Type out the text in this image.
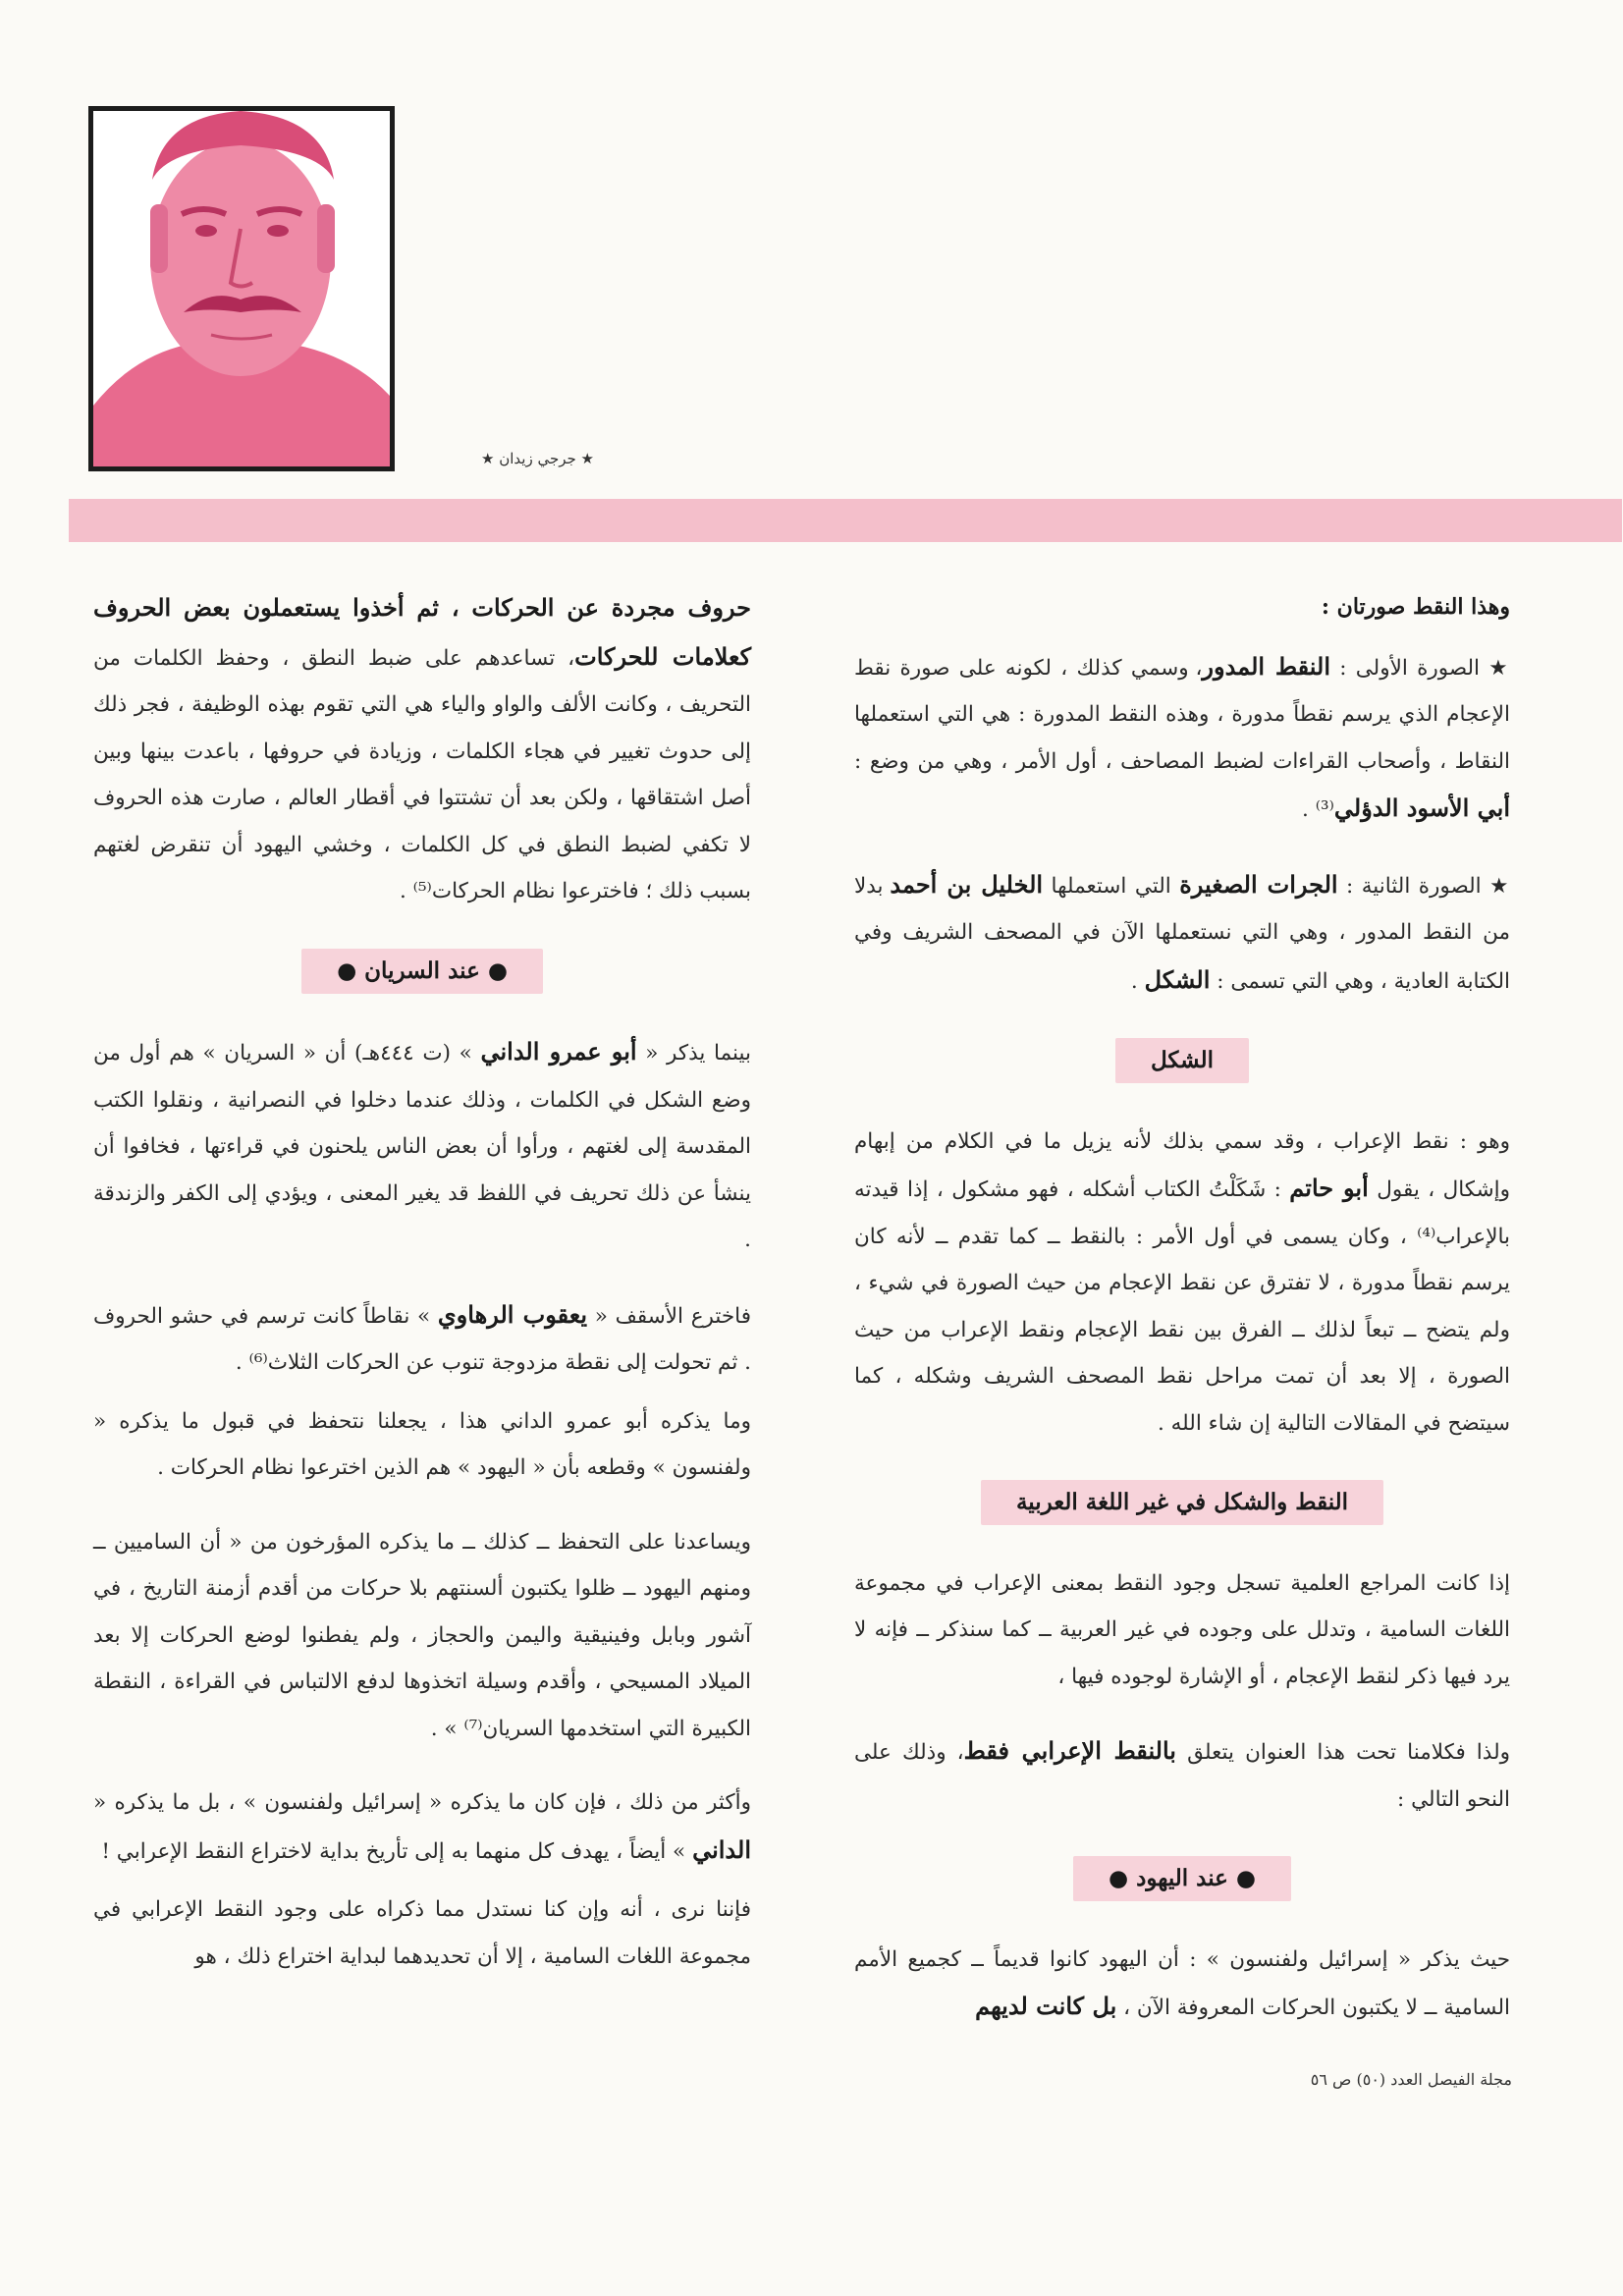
★ جرجي زيدان ★

وهذا النقط صورتان :

★ الصورة الأولى : النقط المدور، وسمي كذلك ، لكونه على صورة نقط الإعجام الذي يرسم نقطاً مدورة ، وهذه النقط المدورة : هي التي استعملها النقاط ، وأصحاب القراءات لضبط المصاحف ، أول الأمر ، وهي من وضع : أبي الأسود الدؤلي⁽³⁾ .

★ الصورة الثانية : الجرات الصغيرة التي استعملها الخليل بن أحمد بدلا من النقط المدور ، وهي التي نستعملها الآن في المصحف الشريف وفي الكتابة العادية ، وهي التي تسمى : الشكل .

الشكل

وهو : نقط الإعراب ، وقد سمي بذلك لأنه يزيل ما في الكلام من إبهام وإشكال ، يقول أبو حاتم : شَكَلْتُ الكتاب أشكله ، فهو مشكول ، إذا قيدته بالإعراب⁽⁴⁾ ، وكان يسمى في أول الأمر : بالنقط ــ كما تقدم ــ لأنه كان يرسم نقطاً مدورة ، لا تفترق عن نقط الإعجام من حيث الصورة في شيء ، ولم يتضح ــ تبعاً لذلك ــ الفرق بين نقط الإعجام ونقط الإعراب من حيث الصورة ، إلا بعد أن تمت مراحل نقط المصحف الشريف وشكله ، كما سيتضح في المقالات التالية إن شاء الله .

النقط والشكل في غير اللغة العربية

إذا كانت المراجع العلمية تسجل وجود النقط بمعنى الإعراب في مجموعة اللغات السامية ، وتدلل على وجوده في غير العربية ــ كما سنذكر ــ فإنه لا يرد فيها ذكر لنقط الإعجام ، أو الإشارة لوجوده فيها ،

ولذا فكلامنا تحت هذا العنوان يتعلق بالنقط الإعرابي فقط، وذلك على النحو التالي :

● عند اليهود ●

حيث يذكر « إسرائيل ولفنسون » : أن اليهود كانوا قديماً ــ كجميع الأمم السامية ــ لا يكتبون الحركات المعروفة الآن ، بل كانت لديهم

حروف مجردة عن الحركات ، ثم أخذوا يستعملون بعض الحروف كعلامات للحركات، تساعدهم على ضبط النطق ، وحفظ الكلمات من التحريف ، وكانت الألف والواو والياء هي التي تقوم بهذه الوظيفة ، فجر ذلك إلى حدوث تغيير في هجاء الكلمات ، وزيادة في حروفها ، باعدت بينها وبين أصل اشتقاقها ، ولكن بعد أن تشتتوا في أقطار العالم ، صارت هذه الحروف لا تكفي لضبط النطق في كل الكلمات ، وخشي اليهود أن تنقرض لغتهم بسبب ذلك ؛ فاخترعوا نظام الحركات⁽⁵⁾ .

● عند السريان ●

بينما يذكر « أبو عمرو الداني » (ت ٤٤٤هـ) أن « السريان » هم أول من وضع الشكل في الكلمات ، وذلك عندما دخلوا في النصرانية ، ونقلوا الكتب المقدسة إلى لغتهم ، ورأوا أن بعض الناس يلحنون في قراءتها ، فخافوا أن ينشأ عن ذلك تحريف في اللفظ قد يغير المعنى ، ويؤدي إلى الكفر والزندقة .

فاخترع الأسقف « يعقوب الرهاوي » نقاطاً كانت ترسم في حشو الحروف . ثم تحولت إلى نقطة مزدوجة تنوب عن الحركات الثلاث⁽⁶⁾ .

وما يذكره أبو عمرو الداني هذا ، يجعلنا نتحفظ في قبول ما يذكره « ولفنسون » وقطعه بأن « اليهود » هم الذين اخترعوا نظام الحركات .

ويساعدنا على التحفظ ــ كذلك ــ ما يذكره المؤرخون من « أن الساميين ــ ومنهم اليهود ــ ظلوا يكتبون ألسنتهم بلا حركات من أقدم أزمنة التاريخ ، في آشور وبابل وفينيقية واليمن والحجاز ، ولم يفطنوا لوضع الحركات إلا بعد الميلاد المسيحي ، وأقدم وسيلة اتخذوها لدفع الالتباس في القراءة ، النقطة الكبيرة التي استخدمها السريان⁽⁷⁾ » .

وأكثر من ذلك ، فإن كان ما يذكره « إسرائيل ولفنسون » ، بل ما يذكره « الداني » أيضاً ، يهدف كل منهما به إلى تأريخ بداية لاختراع النقط الإعرابي !

فإننا نرى ، أنه وإن كنا نستدل مما ذكراه على وجود النقط الإعرابي في مجموعة اللغات السامية ، إلا أن تحديدهما لبداية اختراع ذلك ، هو

مجلة الفيصل العدد (٥٠) ص ٥٦
